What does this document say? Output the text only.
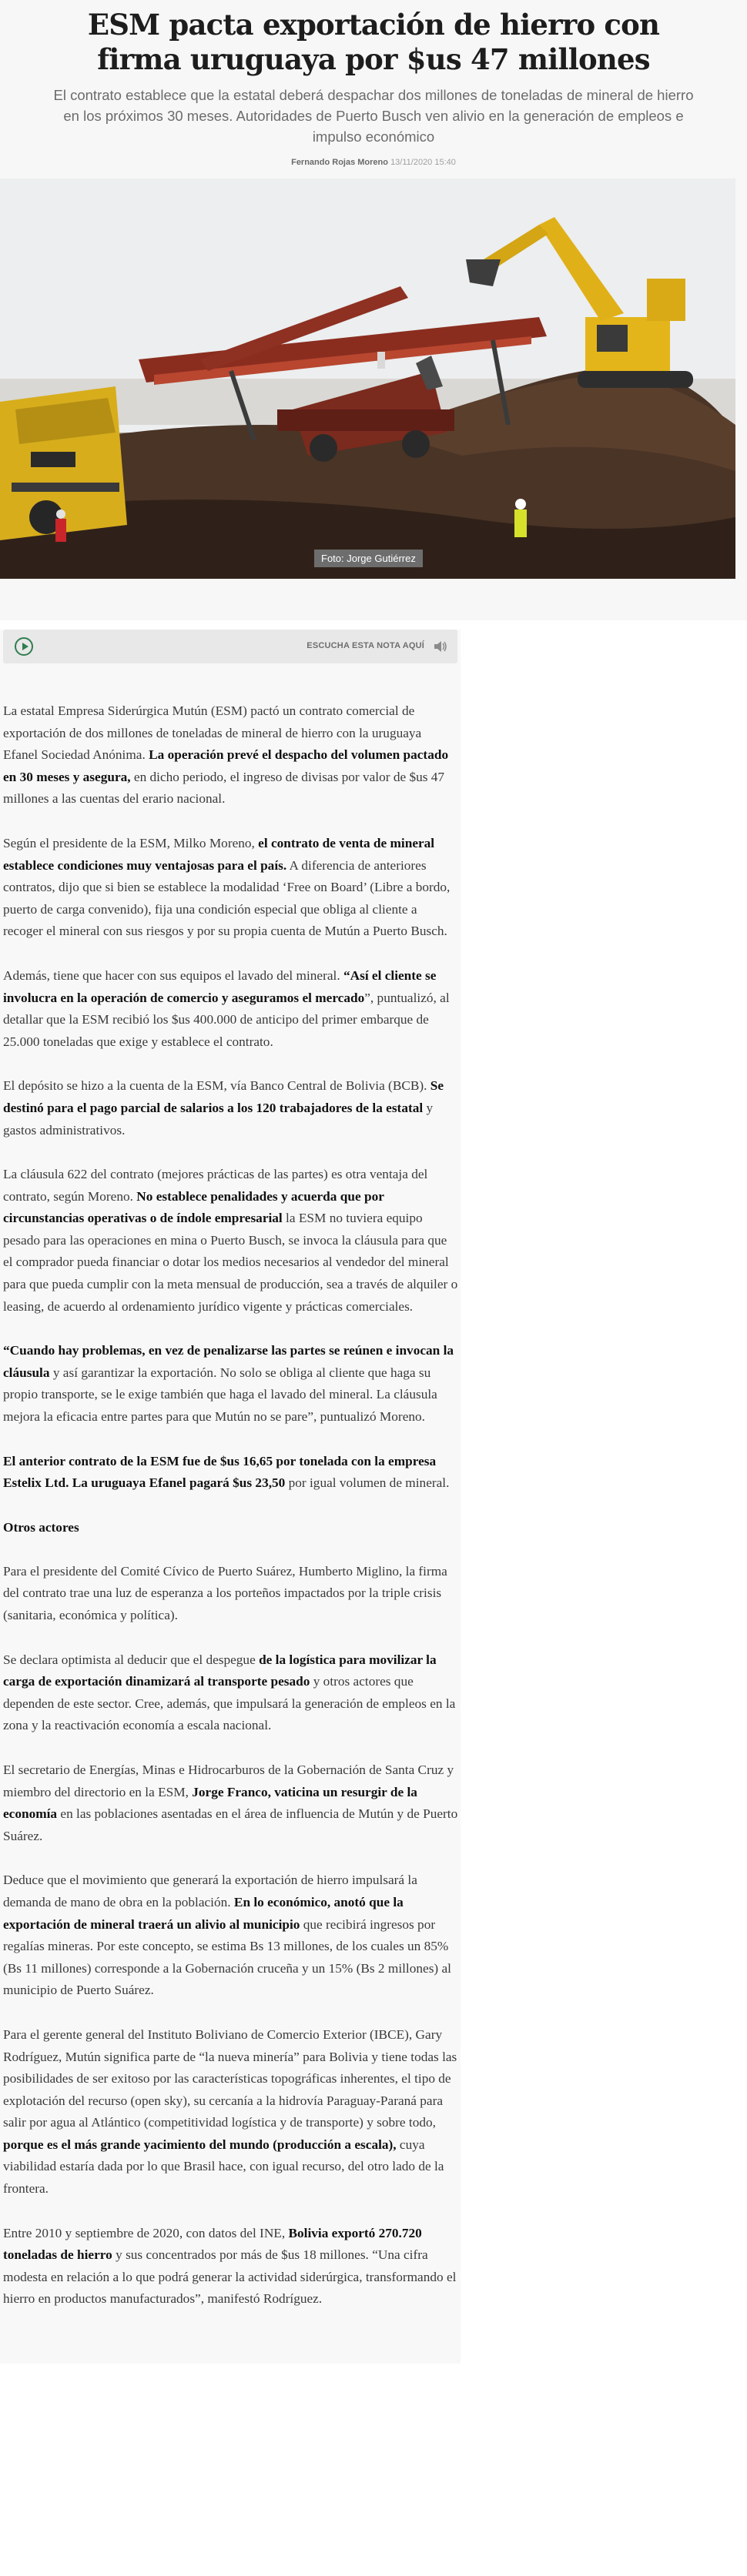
ESM pacta exportación de hierro con firma uruguaya por $us 47 millones

El contrato establece que la estatal deberá despachar dos millones de toneladas de mineral de hierro en los próximos 30 meses. Autoridades de Puerto Busch ven alivio en la generación de empleos e impulso económico

Fernando Rojas Moreno 13/11/2020 15:40
Foto: Jorge Gutiérrez
ESCUCHA ESTA NOTA AQUÍ

La estatal Empresa Siderúrgica Mutún (ESM) pactó un contrato comercial de exportación de dos millones de toneladas de mineral de hierro con la uruguaya Efanel Sociedad Anónima. La operación prevé el despacho del volumen pactado en 30 meses y asegura, en dicho periodo, el ingreso de divisas por valor de $us 47 millones a las cuentas del erario nacional.

Según el presidente de la ESM, Milko Moreno, el contrato de venta de mineral establece condiciones muy ventajosas para el país. A diferencia de anteriores contratos, dijo que si bien se establece la modalidad ‘Free on Board’ (Libre a bordo, puerto de carga convenido), fija una condición especial que obliga al cliente a recoger el mineral con sus riesgos y por su propia cuenta de Mutún a Puerto Busch.

Además, tiene que hacer con sus equipos el lavado del mineral. “Así el cliente se involucra en la operación de comercio y aseguramos el mercado”, puntualizó, al detallar que la ESM recibió los $us 400.000 de anticipo del primer embarque de 25.000 toneladas que exige y establece el contrato.

El depósito se hizo a la cuenta de la ESM, vía Banco Central de Bolivia (BCB). Se destinó para el pago parcial de salarios a los 120 trabajadores de la estatal y gastos administrativos.

La cláusula 622 del contrato (mejores prácticas de las partes) es otra ventaja del contrato, según Moreno. No establece penalidades y acuerda que por circunstancias operativas o de índole empresarial la ESM no tuviera equipo pesado para las operaciones en mina o Puerto Busch, se invoca la cláusula para que el comprador pueda financiar o dotar los medios necesarios al vendedor del mineral para que pueda cumplir con la meta mensual de producción, sea a través de alquiler o leasing, de acuerdo al ordenamiento jurídico vigente y prácticas comerciales.

“Cuando hay problemas, en vez de penalizarse las partes se reúnen e invocan la cláusula y así garantizar la exportación. No solo se obliga al cliente que haga su propio transporte, se le exige también que haga el lavado del mineral. La cláusula mejora la eficacia entre partes para que Mutún no se pare”, puntualizó Moreno.

El anterior contrato de la ESM fue de $us 16,65 por tonelada con la empresa Estelix Ltd. La uruguaya Efanel pagará $us 23,50 por igual volumen de mineral.

Otros actores

Para el presidente del Comité Cívico de Puerto Suárez, Humberto Miglino, la firma del contrato trae una luz de esperanza a los porteños impactados por la triple crisis (sanitaria, económica y política).

Se declara optimista al deducir que el despegue de la logística para movilizar la carga de exportación dinamizará al transporte pesado y otros actores que dependen de este sector. Cree, además, que impulsará la generación de empleos en la zona y la reactivación economía a escala nacional.

El secretario de Energías, Minas e Hidrocarburos de la Gobernación de Santa Cruz y miembro del directorio en la ESM, Jorge Franco, vaticina un resurgir de la economía en las poblaciones asentadas en el área de influencia de Mutún y de Puerto Suárez.

Deduce que el movimiento que generará la exportación de hierro impulsará la demanda de mano de obra en la población. En lo económico, anotó que la exportación de mineral traerá un alivio al municipio que recibirá ingresos por regalías mineras. Por este concepto, se estima Bs 13 millones, de los cuales un 85% (Bs 11 millones) corresponde a la Gobernación cruceña y un 15% (Bs 2 millones) al municipio de Puerto Suárez.

Para el gerente general del Instituto Boliviano de Comercio Exterior (IBCE), Gary Rodríguez, Mutún significa parte de “la nueva minería” para Bolivia y tiene todas las posibilidades de ser exitoso por las características topográficas inherentes, el tipo de explotación del recurso (open sky), su cercanía a la hidrovía Paraguay-Paraná para salir por agua al Atlántico (competitividad logística y de transporte) y sobre todo, porque es el más grande yacimiento del mundo (producción a escala), cuya viabilidad estaría dada por lo que Brasil hace, con igual recurso, del otro lado de la frontera.

Entre 2010 y septiembre de 2020, con datos del INE, Bolivia exportó 270.720 toneladas de hierro y sus concentrados por más de $us 18 millones. “Una cifra modesta en relación a lo que podrá generar la actividad siderúrgica, transformando el hierro en productos manufacturados”, manifestó Rodríguez.
